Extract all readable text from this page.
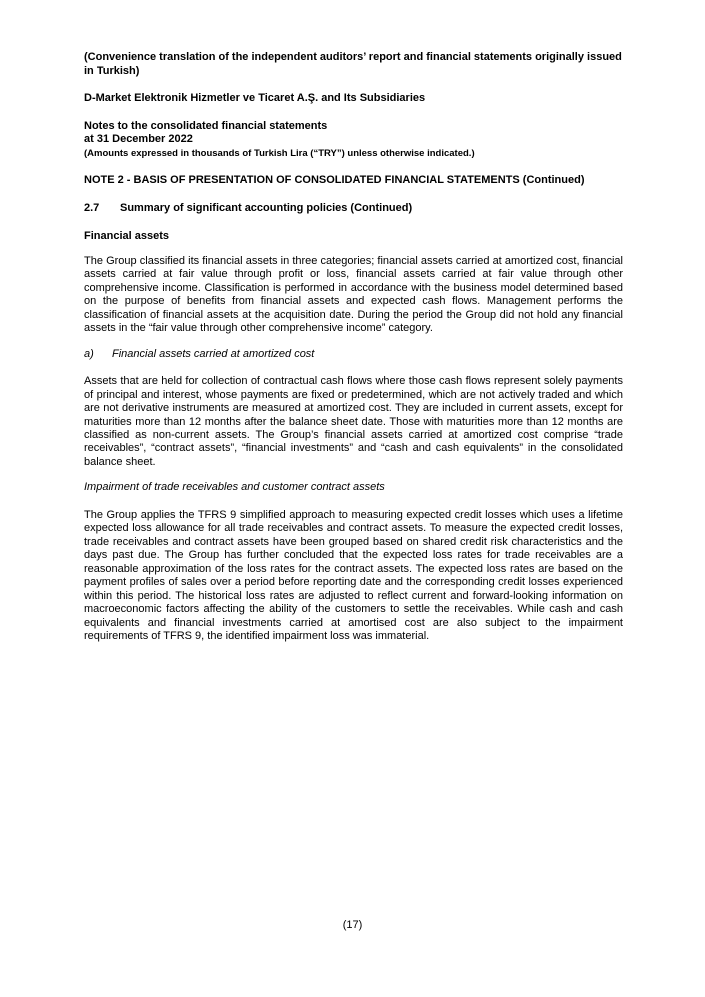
(Convenience translation of the independent auditors’ report and financial statements originally issued in Turkish)
D-Market Elektronik Hizmetler ve Ticaret A.Ş. and Its Subsidiaries
Notes to the consolidated financial statements
at 31 December 2022
(Amounts expressed in thousands of Turkish Lira (“TRY”) unless otherwise indicated.)
NOTE 2 - BASIS OF PRESENTATION OF CONSOLIDATED FINANCIAL STATEMENTS (Continued)
2.7	Summary of significant accounting policies (Continued)
Financial assets

The Group classified its financial assets in three categories; financial assets carried at amortized cost, financial assets carried at fair value through profit or loss, financial assets carried at fair value through other comprehensive income. Classification is performed in accordance with the business model determined based on the purpose of benefits from financial assets and expected cash flows. Management performs the classification of financial assets at the acquisition date. During the period the Group did not hold any financial assets in the “fair value through other comprehensive income” category.

a)	Financial assets carried at amortized cost

Assets that are held for collection of contractual cash flows where those cash flows represent solely payments of principal and interest, whose payments are fixed or predetermined, which are not actively traded and which are not derivative instruments are measured at amortized cost. They are included in current assets, except for maturities more than 12 months after the balance sheet date. Those with maturities more than 12 months are classified as non-current assets. The Group’s financial assets carried at amortized cost comprise “trade receivables”, “contract assets”, “financial investments” and “cash and cash equivalents” in the consolidated balance sheet.

Impairment of trade receivables and customer contract assets

The Group applies the TFRS 9 simplified approach to measuring expected credit losses which uses a lifetime expected loss allowance for all trade receivables and contract assets. To measure the expected credit losses, trade receivables and contract assets have been grouped based on shared credit risk characteristics and the days past due. The Group has further concluded that the expected loss rates for trade receivables are a reasonable approximation of the loss rates for the contract assets. The expected loss rates are based on the payment profiles of sales over a period before reporting date and the corresponding credit losses experienced within this period. The historical loss rates are adjusted to reflect current and forward-looking information on macroeconomic factors affecting the ability of the customers to settle the receivables. While cash and cash equivalents and financial investments carried at amortised cost are also subject to the impairment requirements of TFRS 9, the identified impairment loss was immaterial.

(17)
